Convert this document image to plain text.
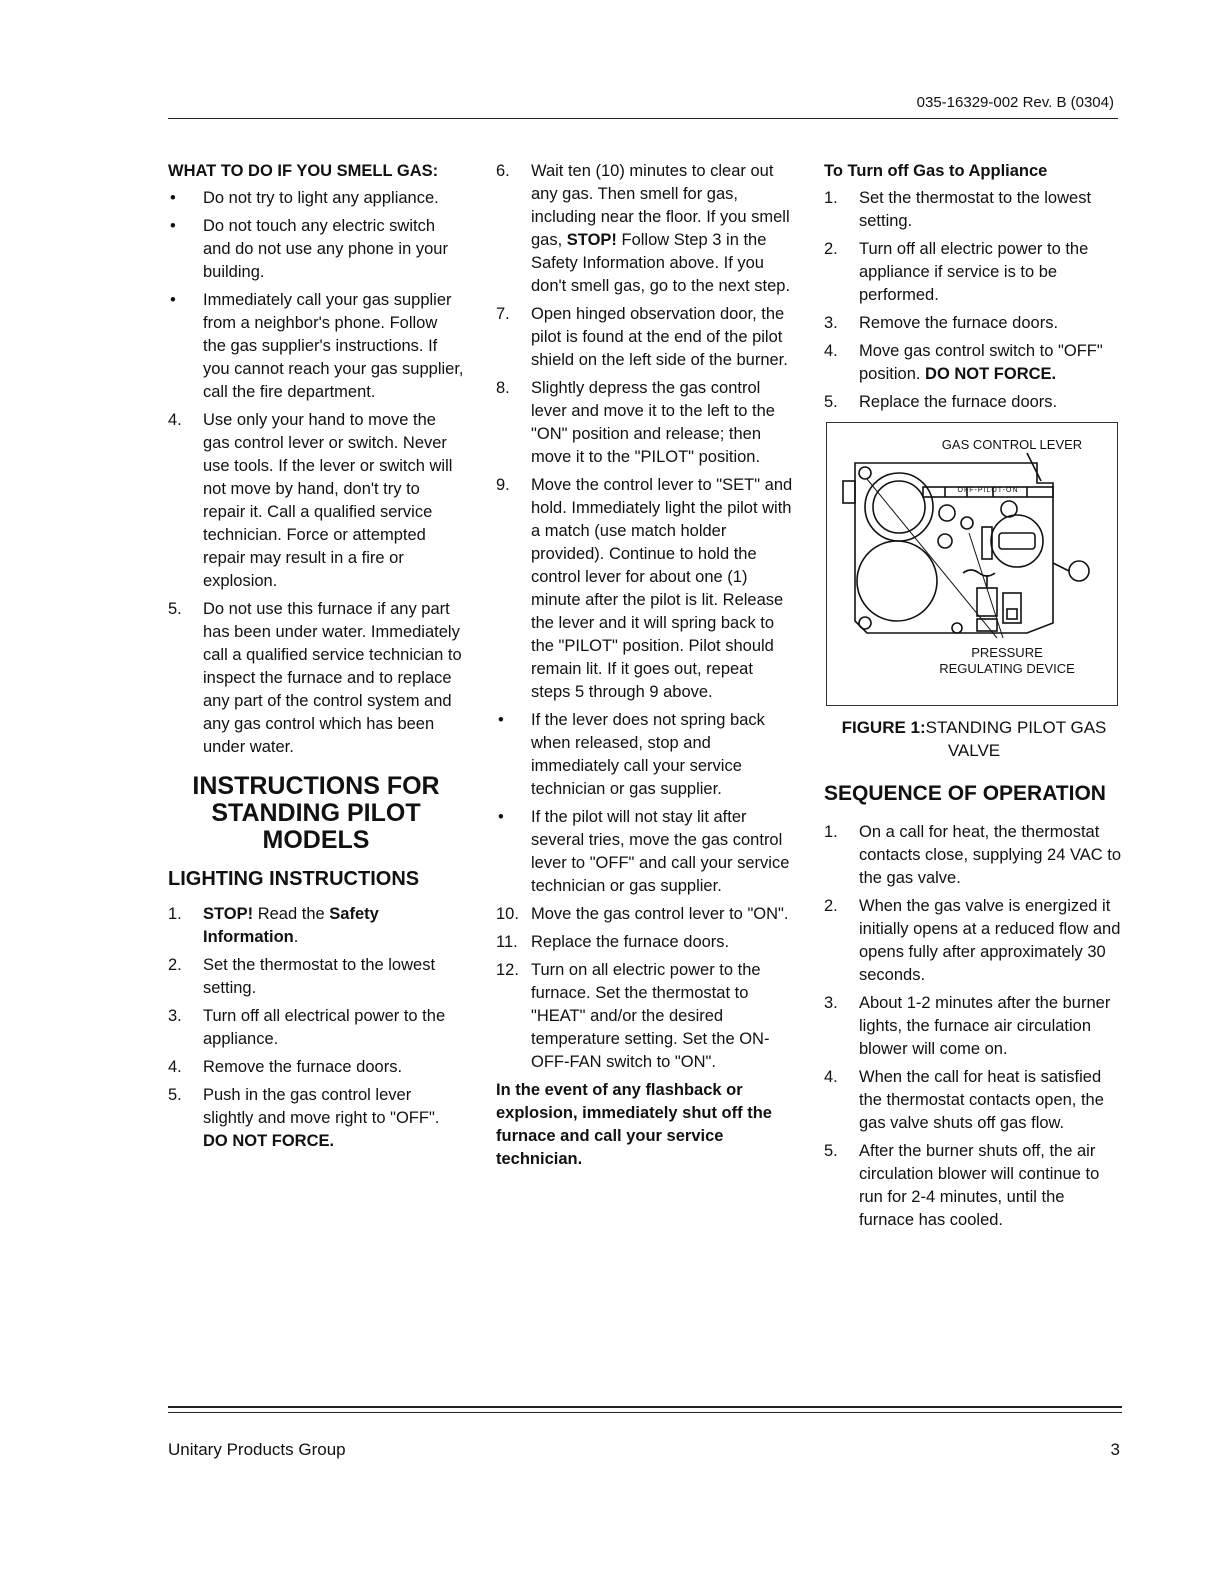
035-16329-002 Rev. B (0304)
WHAT TO DO IF YOU SMELL GAS:
• Do not try to light any appliance.
• Do not touch any electric switch and do not use any phone in your building.
• Immediately call your gas supplier from a neighbor's phone. Follow the gas supplier's instructions. If you cannot reach your gas supplier, call the fire department.
4. Use only your hand to move the gas control lever or switch. Never use tools. If the lever or switch will not move by hand, don't try to repair it. Call a qualified service technician. Force or attempted repair may result in a fire or explosion.
5. Do not use this furnace if any part has been under water. Immediately call a qualified service technician to inspect the furnace and to replace any part of the control system and any gas control which has been under water.
INSTRUCTIONS FOR STANDING PILOT MODELS
LIGHTING INSTRUCTIONS
1. STOP! Read the Safety Information.
2. Set the thermostat to the lowest setting.
3. Turn off all electrical power to the appliance.
4. Remove the furnace doors.
5. Push in the gas control lever slightly and move right to "OFF". DO NOT FORCE.
6. Wait ten (10) minutes to clear out any gas. Then smell for gas, including near the floor. If you smell gas, STOP! Follow Step 3 in the Safety Information above. If you don't smell gas, go to the next step.
7. Open hinged observation door, the pilot is found at the end of the pilot shield on the left side of the burner.
8. Slightly depress the gas control lever and move it to the left to the "ON" position and release; then move it to the "PILOT" position.
9. Move the control lever to "SET" and hold. Immediately light the pilot with a match (use match holder provided). Continue to hold the control lever for about one (1) minute after the pilot is lit. Release the lever and it will spring back to the "PILOT" position. Pilot should remain lit. If it goes out, repeat steps 5 through 9 above.
• If the lever does not spring back when released, stop and immediately call your service technician or gas supplier.
• If the pilot will not stay lit after several tries, move the gas control lever to "OFF" and call your service technician or gas supplier.
10. Move the gas control lever to "ON".
11. Replace the furnace doors.
12. Turn on all electric power to the furnace. Set the thermostat to "HEAT" and/or the desired temperature setting. Set the ON-OFF-FAN switch to "ON".
In the event of any flashback or explosion, immediately shut off the furnace and call your service technician.
To Turn off Gas to Appliance
1. Set the thermostat to the lowest setting.
2. Turn off all electric power to the appliance if service is to be performed.
3. Remove the furnace doors.
4. Move gas control switch to "OFF" position. DO NOT FORCE.
5. Replace the furnace doors.
GAS CONTROL LEVER
PRESSURE REGULATING DEVICE
OFF-PILOT-ON
FIGURE 1:STANDING PILOT GAS VALVE
SEQUENCE OF OPERATION
1. On a call for heat, the thermostat contacts close, supplying 24 VAC to the gas valve.
2. When the gas valve is energized it initially opens at a reduced flow and opens fully after approximately 30 seconds.
3. About 1-2 minutes after the burner lights, the furnace air circulation blower will come on.
4. When the call for heat is satisfied the thermostat contacts open, the gas valve shuts off gas flow.
5. After the burner shuts off, the air circulation blower will continue to run for 2-4 minutes, until the furnace has cooled.
Unitary Products Group	3
